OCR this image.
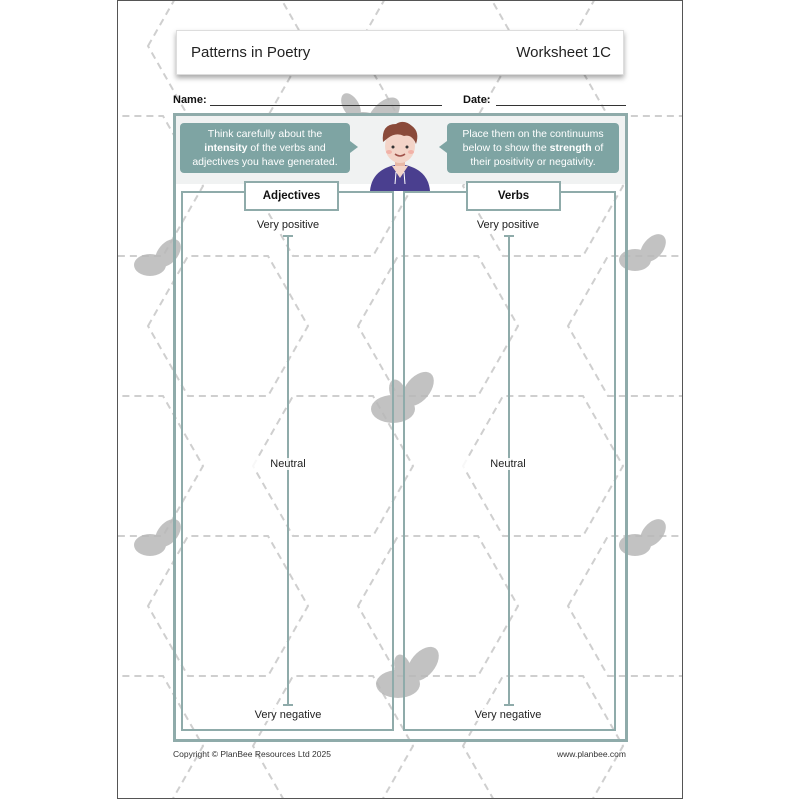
Patterns in Poetry	Worksheet 1C
Name:	Date:
Think carefully about the intensity of the verbs and adjectives you have generated.
Place them on the continuums below to show the strength of their positivity or negativity.
Adjectives
Very positive
Neutral
Very negative
Verbs
Very positive
Neutral
Very negative
Copyright © PlanBee Resources Ltd 2025	www.planbee.com
